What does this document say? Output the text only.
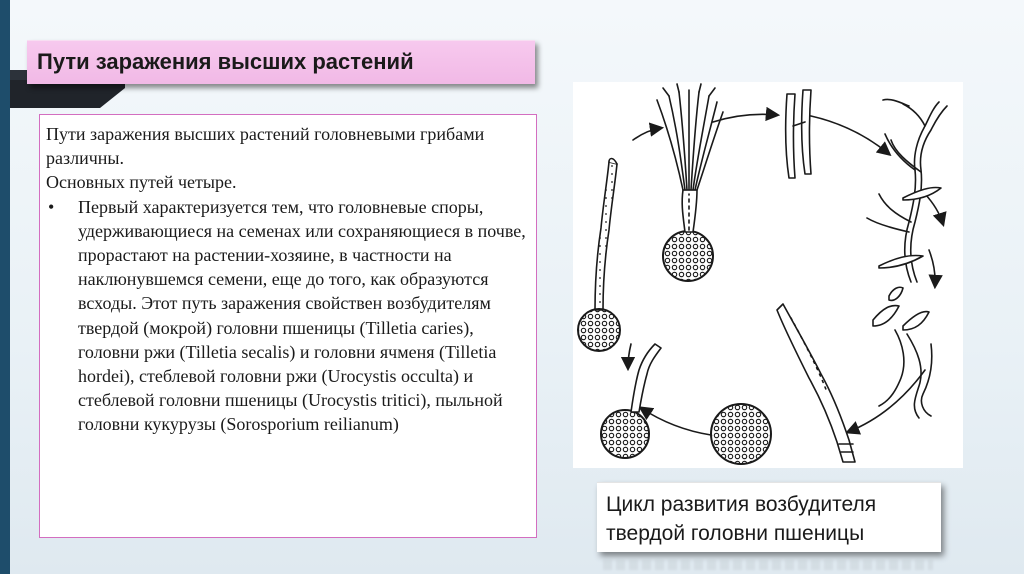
Пути заражения высших растений
Пути заражения высших растений головневыми грибами различны.
Основных путей четыре.
•	Первый характеризуется тем, что головневые споры, удерживающиеся на семенах или сохраняющиеся в почве, прорастают на растении-хозяине, в частности на наклюнувшемся семени, еще до того, как образуются всходы. Этот путь заражения свойствен возбудителям твердой (мокрой) головни пшеницы (Tilletia caries), головни ржи (Tilletia secalis) и головни ячменя (Tilletia hordei), стеблевой головни ржи (Urocystis occulta) и стеблевой головни пшеницы (Urocystis tritici), пыльной головни кукурузы (Sorosporium reilianum)
Цикл развития возбудителя
твердой головни пшеницы
